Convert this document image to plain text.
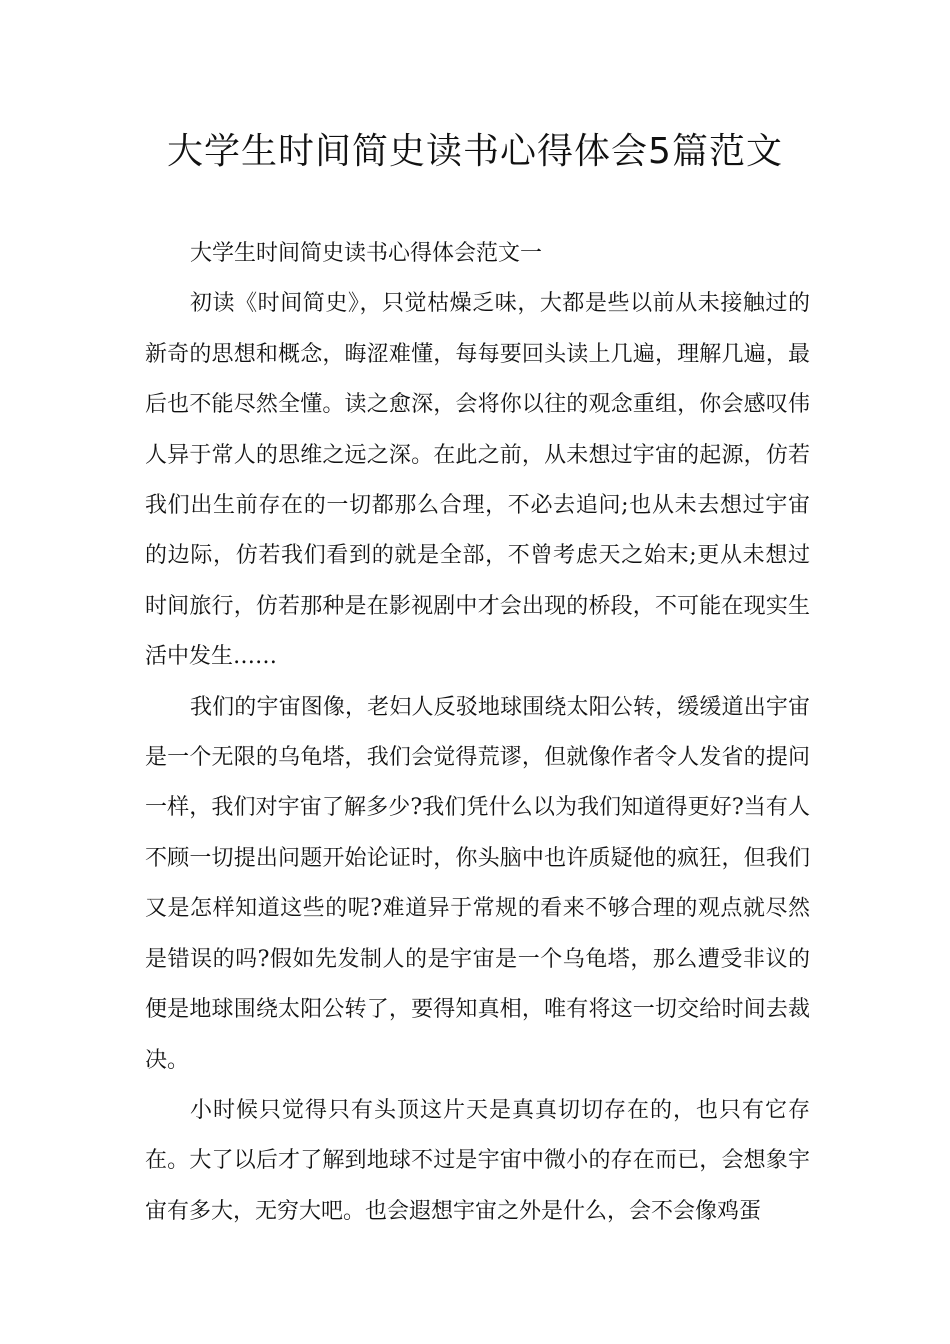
大学生时间简史读书心得体会5篇范文

大学生时间简史读书心得体会范文一

初读《时间简史》，只觉枯燥乏味，大都是些以前从未接触过的新奇的思想和概念，晦涩难懂，每每要回头读上几遍，理解几遍，最后也不能尽然全懂。读之愈深，会将你以往的观念重组，你会感叹伟人异于常人的思维之远之深。在此之前，从未想过宇宙的起源，仿若我们出生前存在的一切都那么合理，不必去追问;也从未去想过宇宙的边际，仿若我们看到的就是全部，不曾考虑天之始末;更从未想过时间旅行，仿若那种是在影视剧中才会出现的桥段，不可能在现实生活中发生……

我们的宇宙图像，老妇人反驳地球围绕太阳公转，缓缓道出宇宙是一个无限的乌龟塔，我们会觉得荒谬，但就像作者令人发省的提问一样，我们对宇宙了解多少?我们凭什么以为我们知道得更好?当有人不顾一切提出问题开始论证时，你头脑中也许质疑他的疯狂，但我们又是怎样知道这些的呢?难道异于常规的看来不够合理的观点就尽然是错误的吗?假如先发制人的是宇宙是一个乌龟塔，那么遭受非议的便是地球围绕太阳公转了，要得知真相，唯有将这一切交给时间去裁决。

小时候只觉得只有头顶这片天是真真切切存在的，也只有它存在。大了以后才了解到地球不过是宇宙中微小的存在而已，会想象宇宙有多大，无穷大吧。也会遐想宇宙之外是什么，会不会像鸡蛋
